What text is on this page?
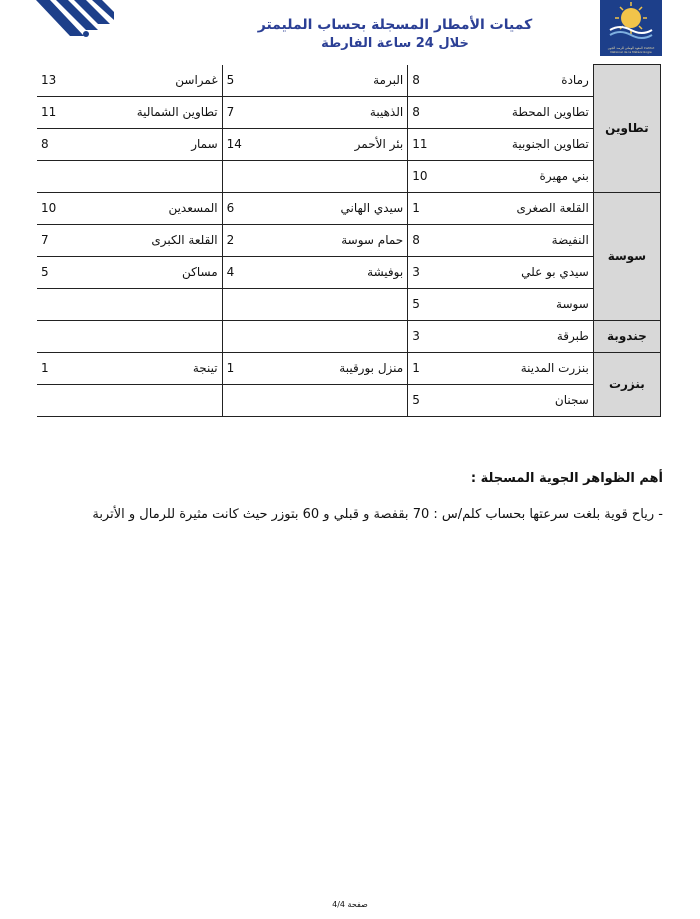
المعهد الوطني للرصد الجوي Institut National de la Météorologie
كميات الأمطار المسجلة بحساب المليمتر
خلال 24 ساعة الفارطة
تطاوين	رمادة	8	البرمة	5	غمراسن	13
	تطاوين المحطة	8	الذهيبة	7	تطاوين الشمالية	11
	تطاوين الجنوبية	11	بئر الأحمر	14	سمار	8
	بني مهيرة	10				
سوسة	القلعة الصغرى	1	سيدي الهاني	6	المسعدين	10
	النفيضة	8	حمام سوسة	2	القلعة الكبرى	7
	سيدي بو علي	3	بوفيشة	4	مساكن	5
	سوسة	5				
جندوبة	طبرقة	3				
بنزرت	بنزرت المدينة	1	منزل بورقيبة	1	تينجة	1
	سجنان	5				
أهم الظواهر الجوية المسجلة :
- رياح قوية بلغت سرعتها بحساب كلم/س : 70 بقفصة و قبلي و 60 بتوزر حيث كانت مثيرة للرمال و الأتربة
صفحة 4/4
